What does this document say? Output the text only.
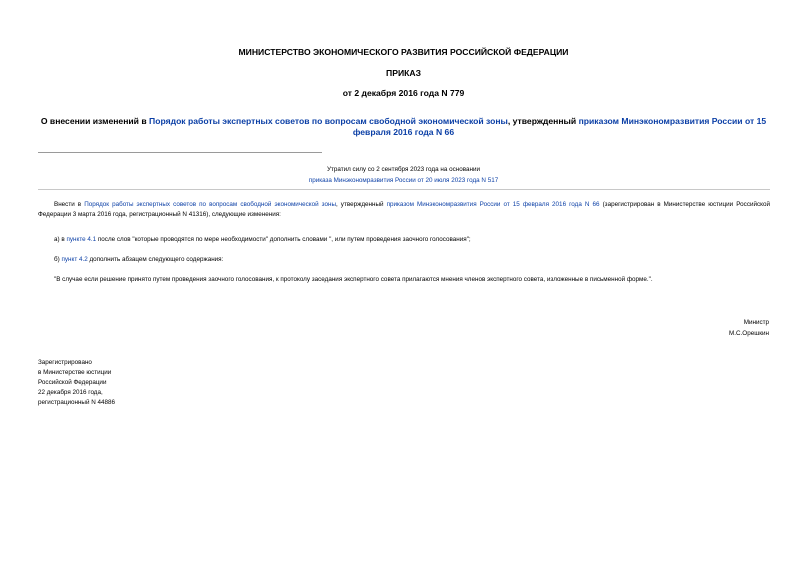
МИНИСТЕРСТВО ЭКОНОМИЧЕСКОГО РАЗВИТИЯ РОССИЙСКОЙ ФЕДЕРАЦИИ
ПРИКАЗ
от 2 декабря 2016 года N 779
О внесении изменений в Порядок работы экспертных советов по вопросам свободной экономической зоны, утвержденный приказом Минэкономразвития России от 15 февраля 2016 года N 66
Утратил силу со 2 сентября 2023 года на основании
приказа Минэкономразвития России от 20 июля 2023 года N 517
Внести в Порядок работы экспертных советов по вопросам свободной экономической зоны, утвержденный приказом Минэкономразвития России от 15 февраля 2016 года N 66 (зарегистрирован в Министерстве юстиции Российской Федерации 3 марта 2016 года, регистрационный N 41316), следующие изменения:
а) в пункте 4.1 после слов "которые проводятся по мере необходимости" дополнить словами ", или путем проведения заочного голосования";
б) пункт 4.2 дополнить абзацем следующего содержания:
"В случае если решение принято путем проведения заочного голосования, к протоколу заседания экспертного совета прилагаются мнения членов экспертного совета, изложенные в письменной форме.".
Министр
М.С.Орешкин
Зарегистрировано
в Министерстве юстиции
Российской Федерации
22 декабря 2016 года,
регистрационный N 44886
